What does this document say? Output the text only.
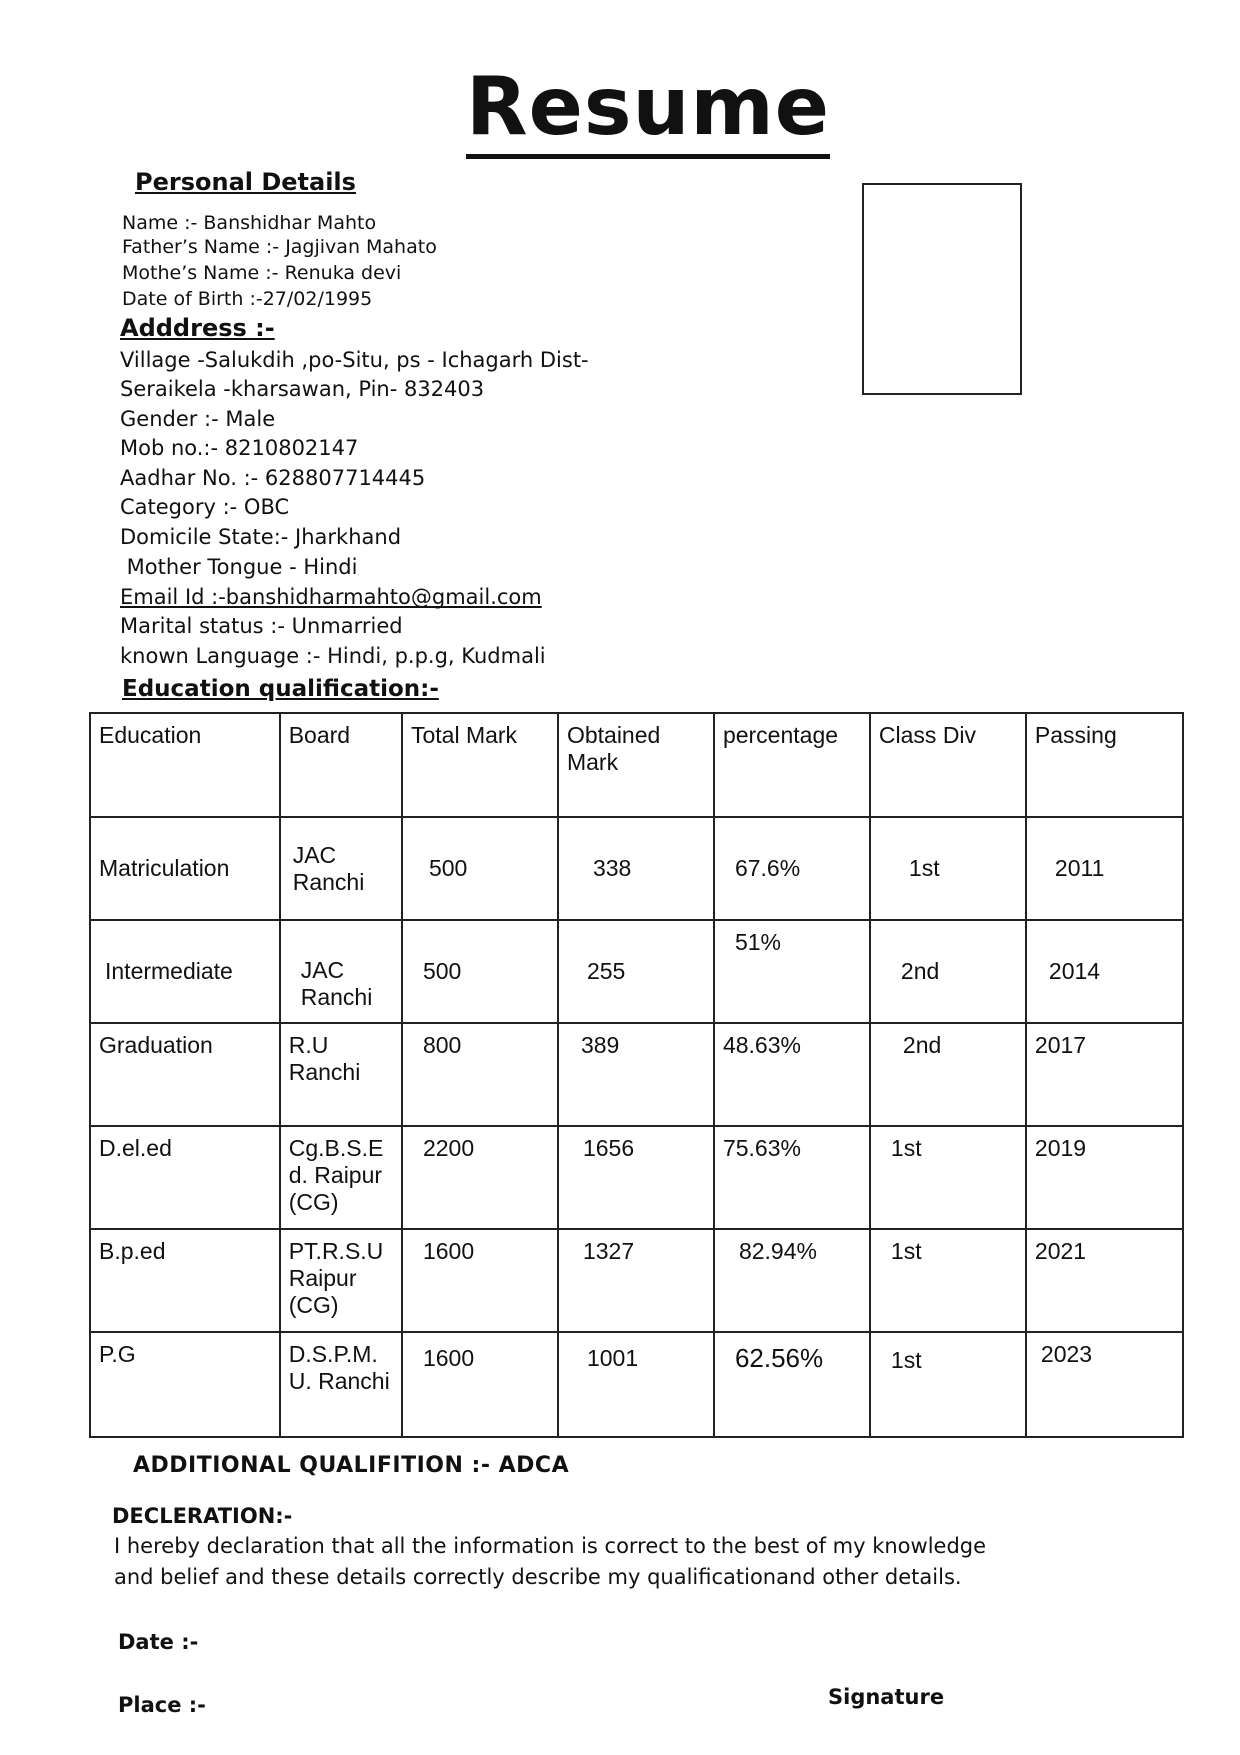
Resume
Personal Details
Name :- Banshidhar Mahto
Father’s Name :- Jagjivan Mahato
Mothe’s Name :- Renuka devi
Date of Birth :-27/02/1995
Adddress :-
Village -Salukdih ,po-Situ, ps - Ichagarh Dist-
Seraikela -kharsawan, Pin- 832403
Gender :- Male
Mob no.:- 8210802147
Aadhar No. :- 628807714445
Category :- OBC
Domicile State:- Jharkhand
Mother Tongue - Hindi
Email Id :-banshidharmahto@gmail.com
Marital status :- Unmarried
known Language :- Hindi, p.p.g, Kudmali
Education qualification:-
Education	Board	Total Mark	Obtained Mark	percentage	Class Div	Passing
Matriculation	JAC Ranchi	500	338	67.6%	1st	2011
Intermediate	JAC Ranchi	500	255	51%	2nd	2014
Graduation	R.U Ranchi	800	389	48.63%	2nd	2017
D.el.ed	Cg.B.S.E d. Raipur (CG)	2200	1656	75.63%	1st	2019
B.p.ed	PT.R.S.U Raipur (CG)	1600	1327	82.94%	1st	2021
P.G	D.S.P.M. U. Ranchi	1600	1001	62.56%	1st	2023
ADDITIONAL QUALIFITION :- ADCA
DECLERATION:-
I hereby declaration that all the information is correct to the best of my knowledge and belief and these details correctly describe my qualificationand other details.
Date :-
Place :-	Signature
